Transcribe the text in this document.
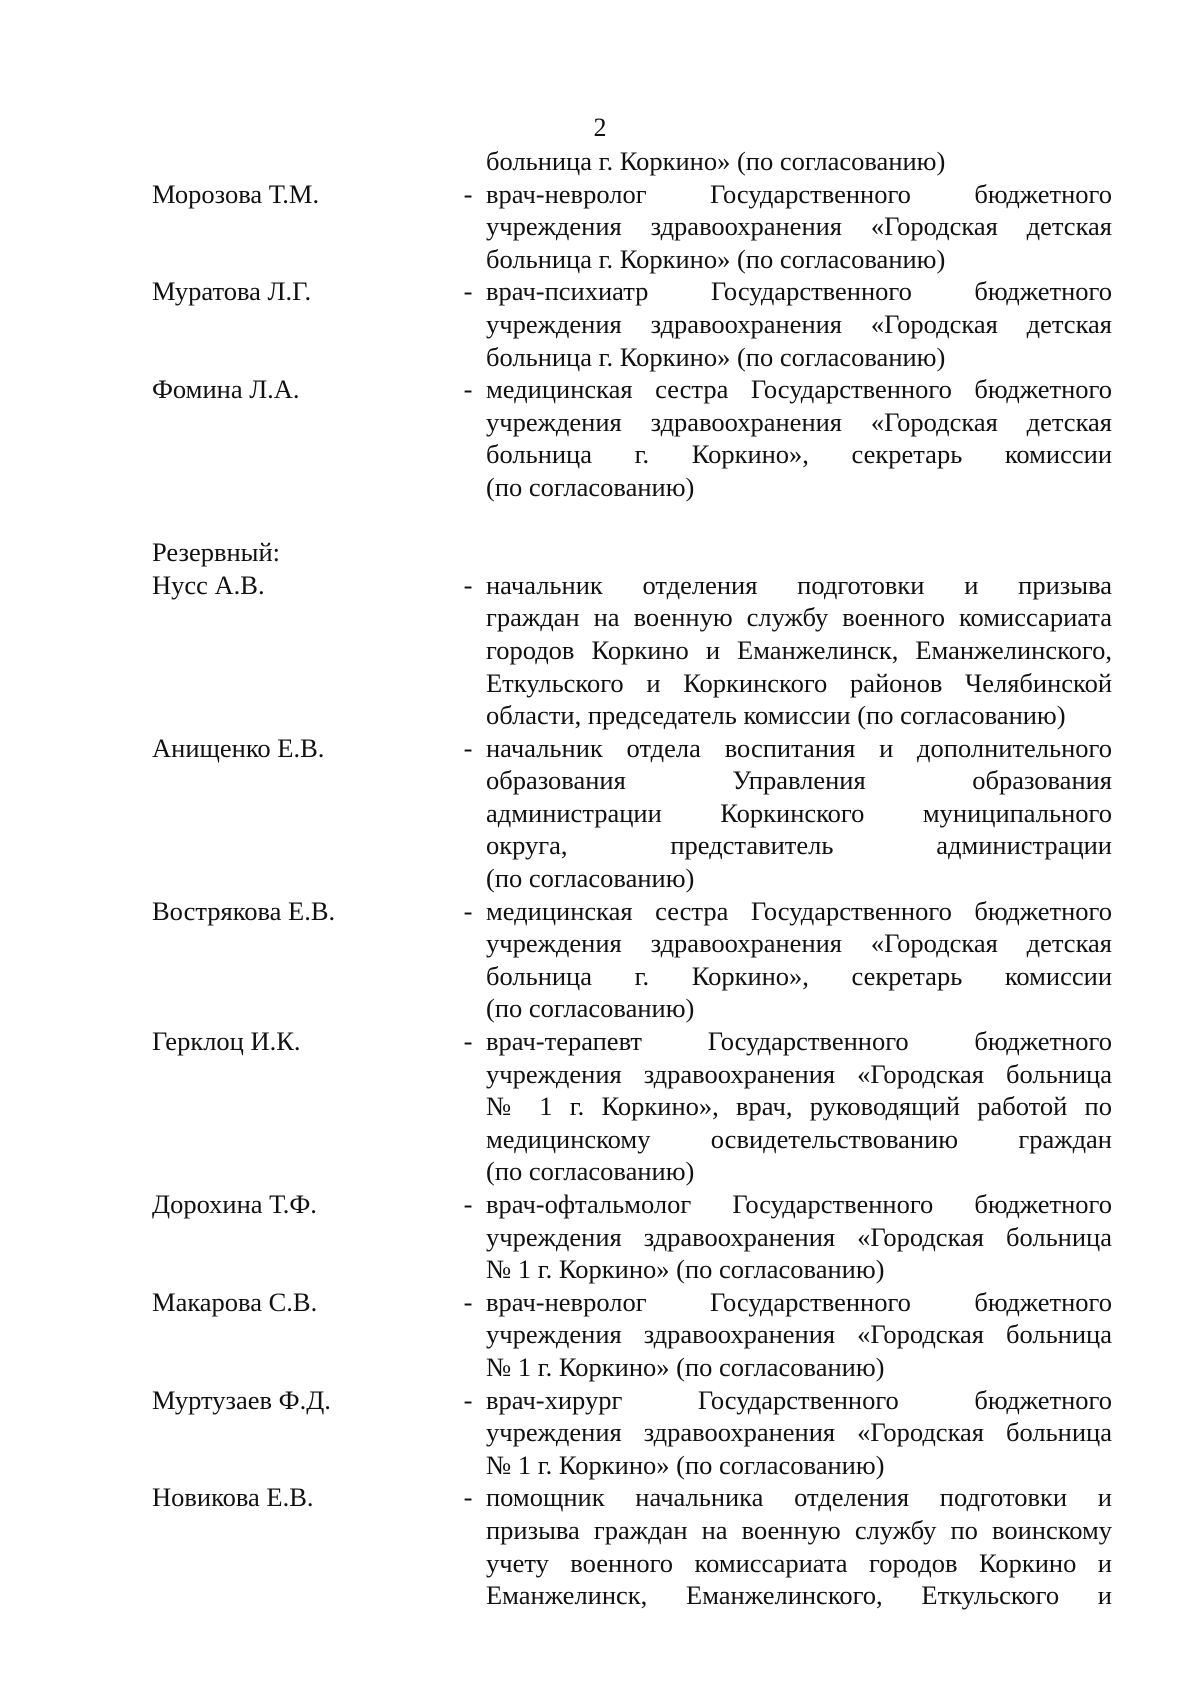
2
больница г. Коркино» (по согласованию)
Морозова Т.М.	- врач-невролог Государственного бюджетного
учреждения здравоохранения «Городская детская
больница г. Коркино» (по согласованию)
Муратова Л.Г.	- врач-психиатр Государственного бюджетного
учреждения здравоохранения «Городская детская
больница г. Коркино» (по согласованию)
Фомина Л.А.	- медицинская сестра Государственного бюджетного
учреждения здравоохранения «Городская детская
больница г. Коркино», секретарь комиссии
(по согласованию)
Резервный:
Нусс А.В.	- начальник отделения подготовки и призыва
граждан на военную службу военного комиссариата
городов Коркино и Еманжелинск, Еманжелинского,
Еткульского и Коркинского районов Челябинской
области, председатель комиссии (по согласованию)
Анищенко Е.В.	- начальник отдела воспитания и дополнительного
образования Управления образования
администрации Коркинского муниципального
округа, представитель администрации
(по согласованию)
Вострякова Е.В.	- медицинская сестра Государственного бюджетного
учреждения здравоохранения «Городская детская
больница г. Коркино», секретарь комиссии
(по согласованию)
Герклоц И.К.	- врач-терапевт Государственного бюджетного
учреждения здравоохранения «Городская больница
№ 1 г. Коркино», врач, руководящий работой по
медицинскому освидетельствованию граждан
(по согласованию)
Дорохина Т.Ф.	- врач-офтальмолог Государственного бюджетного
учреждения здравоохранения «Городская больница
№ 1 г. Коркино» (по согласованию)
Макарова С.В.	- врач-невролог Государственного бюджетного
учреждения здравоохранения «Городская больница
№ 1 г. Коркино» (по согласованию)
Муртузаев Ф.Д.	- врач-хирург Государственного бюджетного
учреждения здравоохранения «Городская больница
№ 1 г. Коркино» (по согласованию)
Новикова Е.В.	- помощник начальника отделения подготовки и
призыва граждан на военную службу по воинскому
учету военного комиссариата городов Коркино и
Еманжелинск, Еманжелинского, Еткульского и
